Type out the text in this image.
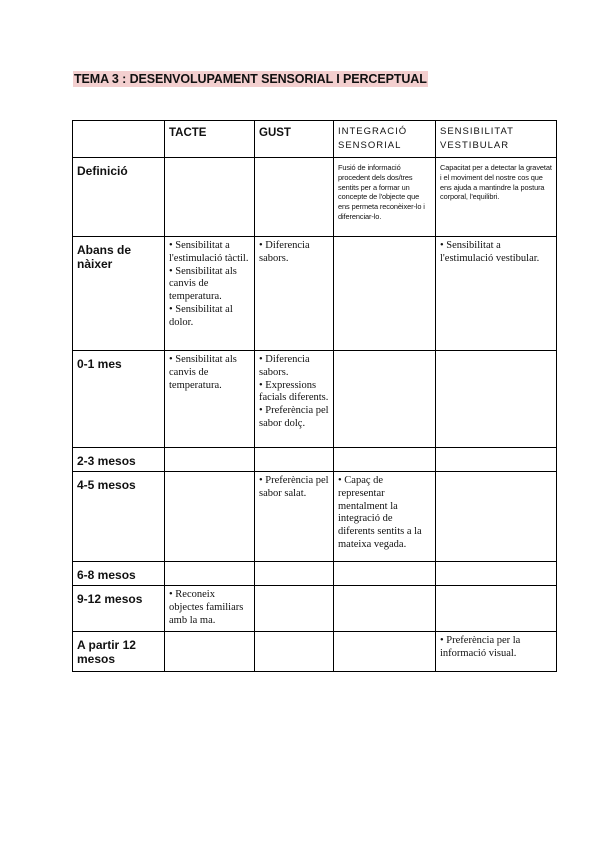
TEMA 3 : DESENVOLUPAMENT SENSORIAL I PERCEPTUAL
	TACTE	GUST	INTEGRACIÓ SENSORIAL	SENSIBILITAT VESTIBULAR
Definició			Fusió de informació procedent dels dos/tres sentits per a formar un concepte de l'objecte que ens permeta reconèixer-lo i diferenciar-lo.	Capacitat per a detectar la gravetat i el moviment del nostre cos que ens ajuda a mantindre la postura corporal, l'equilibri.

Abans de nàixer	• Sensibilitat a l'estimulació tàctil.
• Sensibilitat als canvis de temperatura.
• Sensibilitat al dolor.	• Diferencia sabors.		• Sensibilitat a l'estimulació vestibular.

0-1 mes	• Sensibilitat als canvis de temperatura.	• Diferencia sabors.
• Expressions facials diferents.
• Preferència pel sabor dolç.		

2-3 mesos				
4-5 mesos		• Preferència pel sabor salat.	• Capaç de representar mentalment la integració de diferents sentits a la mateixa vegada.	

6-8 mesos				
9-12 mesos	• Reconeix objectes familiars amb la ma.			

A partir 12 mesos				• Preferència per la informació visual.
